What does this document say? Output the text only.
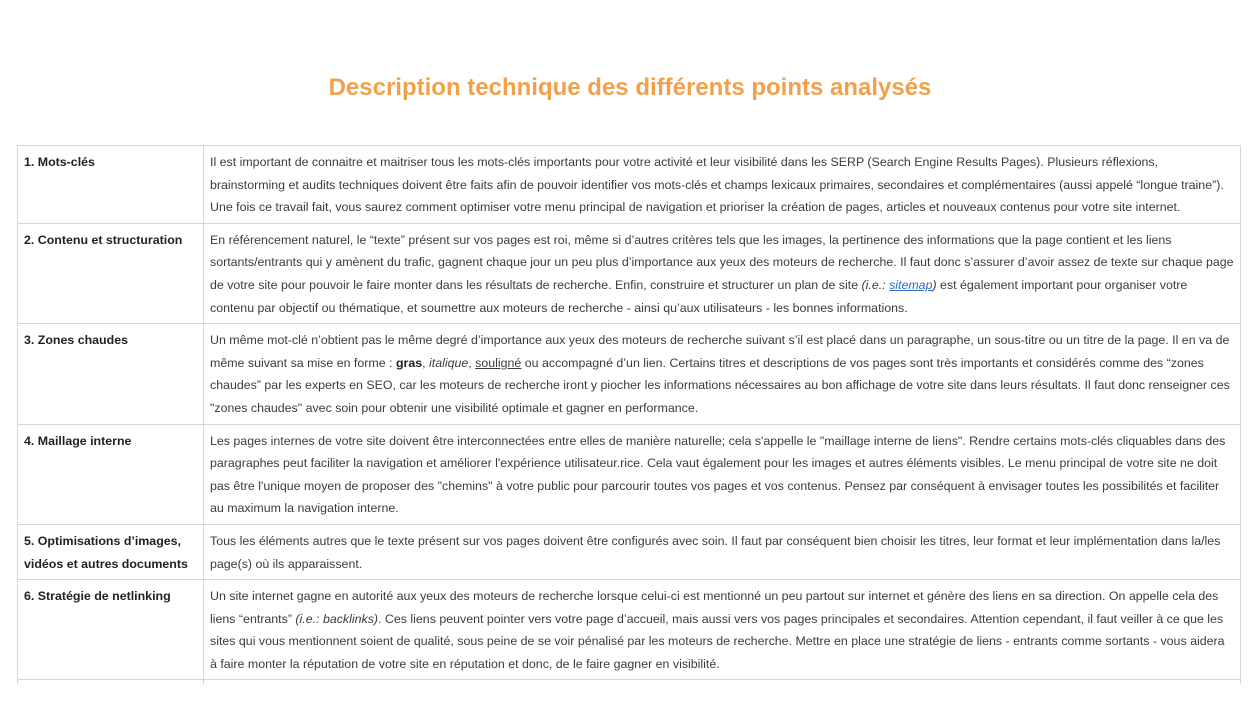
Description technique des différents points analysés
1. Mots-clés	Il est important de connaitre et maitriser tous les mots-clés importants pour votre activité et leur visibilité dans les SERP (Search Engine Results Pages). Plusieurs réflexions, brainstorming et audits techniques doivent être faits afin de pouvoir identifier vos mots-clés et champs lexicaux primaires, secondaires et complémentaires (aussi appelé “longue traine”). Une fois ce travail fait, vous saurez comment optimiser votre menu principal de navigation et prioriser la création de pages, articles et nouveaux contenus pour votre site internet.
2. Contenu et structuration	En référencement naturel, le “texte” présent sur vos pages est roi, même si d’autres critères tels que les images, la pertinence des informations que la page contient et les liens sortants/entrants qui y amènent du trafic, gagnent chaque jour un peu plus d’importance aux yeux des moteurs de recherche. Il faut donc s’assurer d’avoir assez de texte sur chaque page de votre site pour pouvoir le faire monter dans les résultats de recherche. Enfin, construire et structurer un plan de site (i.e.: sitemap) est également important pour organiser votre contenu par objectif ou thématique, et soumettre aux moteurs de recherche - ainsi qu’aux utilisateurs - les bonnes informations.
3. Zones chaudes	Un même mot-clé n’obtient pas le même degré d’importance aux yeux des moteurs de recherche suivant s’il est placé dans un paragraphe, un sous-titre ou un titre de la page. Il en va de même suivant sa mise en forme : gras, italique, souligné ou accompagné d’un lien. Certains titres et descriptions de vos pages sont très importants et considérés comme des “zones chaudes” par les experts en SEO, car les moteurs de recherche iront y piocher les informations nécessaires au bon affichage de votre site dans leurs résultats. Il faut donc renseigner ces "zones chaudes" avec soin pour obtenir une visibilité optimale et gagner en performance.
4. Maillage interne	Les pages internes de votre site doivent être interconnectées entre elles de manière naturelle; cela s'appelle le "maillage interne de liens". Rendre certains mots-clés cliquables dans des paragraphes peut faciliter la navigation et améliorer l'expérience utilisateur.rice. Cela vaut également pour les images et autres éléments visibles. Le menu principal de votre site ne doit pas être l'unique moyen de proposer des "chemins" à votre public pour parcourir toutes vos pages et vos contenus. Pensez par conséquent à envisager toutes les possibilités et faciliter au maximum la navigation interne.
5. Optimisations d’images, vidéos et autres documents	Tous les éléments autres que le texte présent sur vos pages doivent être configurés avec soin. Il faut par conséquent bien choisir les titres, leur format et leur implémentation dans la/les page(s) où ils apparaissent.
6. Stratégie de netlinking	Un site internet gagne en autorité aux yeux des moteurs de recherche lorsque celui-ci est mentionné un peu partout sur internet et génère des liens en sa direction. On appelle cela des liens “entrants” (i.e.: backlinks). Ces liens peuvent pointer vers votre page d’accueil, mais aussi vers vos pages principales et secondaires. Attention cependant, il faut veiller à ce que les sites qui vous mentionnent soient de qualité, sous peine de se voir pénalisé par les moteurs de recherche. Mettre en place une stratégie de liens - entrants comme sortants - vous aidera à faire monter la réputation de votre site en réputation et donc, de le faire gagner en visibilité.
